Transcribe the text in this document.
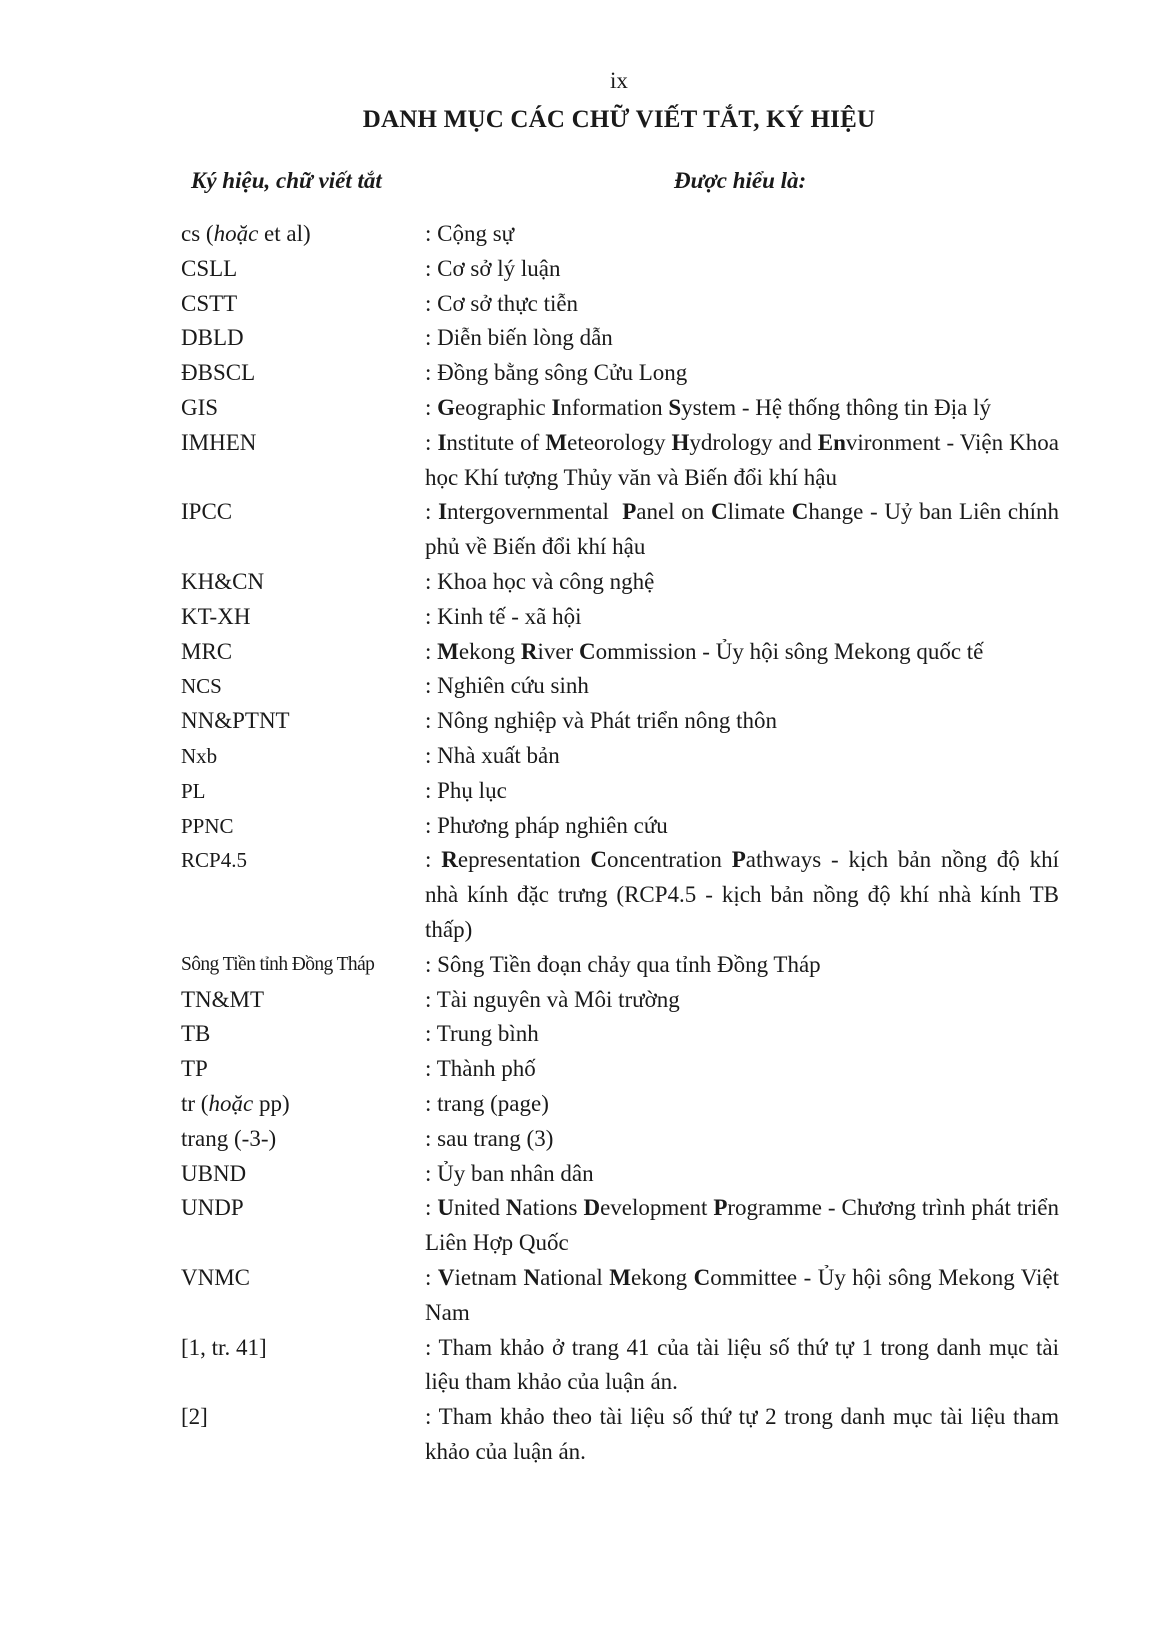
ix
DANH MỤC CÁC CHỮ VIẾT TẮT, KÝ HIỆU
Ký hiệu, chữ viết tắt	Được hiểu là:
cs (hoặc et al)	: Cộng sự
CSLL	: Cơ sở lý luận
CSTT	: Cơ sở thực tiễn
DBLD	: Diễn biến lòng dẫn
ĐBSCL	: Đồng bằng sông Cửu Long
GIS	: Geographic Information System - Hệ thống thông tin Địa lý
IMHEN	: Institute of Meteorology Hydrology and Environment - Viện Khoa học Khí tượng Thủy văn và Biến đổi khí hậu
IPCC	: Intergovernmental  Panel on Climate Change - Uỷ ban Liên chính phủ về Biến đổi khí hậu
KH&CN	: Khoa học và công nghệ
KT-XH	: Kinh tế - xã hội
MRC	: Mekong River Commission - Ủy hội sông Mekong quốc tế
NCS	: Nghiên cứu sinh
NN&PTNT	: Nông nghiệp và Phát triển nông thôn
Nxb	: Nhà xuất bản
PL	: Phụ lục
PPNC	: Phương pháp nghiên cứu
RCP4.5	: Representation Concentration Pathways - kịch bản nồng độ khí nhà kính đặc trưng (RCP4.5 - kịch bản nồng độ khí nhà kính TB thấp)
Sông Tiền tỉnh Đồng Tháp	: Sông Tiền đoạn chảy qua tỉnh Đồng Tháp
TN&MT	: Tài nguyên và Môi trường
TB	: Trung bình
TP	: Thành phố
tr (hoặc pp)	: trang (page)
trang (-3-)	: sau trang (3)
UBND	: Ủy ban nhân dân
UNDP	: United Nations Development Programme - Chương trình phát triển Liên Hợp Quốc
VNMC	: Vietnam National Mekong Committee - Ủy hội sông Mekong Việt Nam
[1, tr. 41]	: Tham khảo ở trang 41 của tài liệu số thứ tự 1 trong danh mục tài liệu tham khảo của luận án.
[2]	: Tham khảo theo tài liệu số thứ tự 2 trong danh mục tài liệu tham khảo của luận án.
